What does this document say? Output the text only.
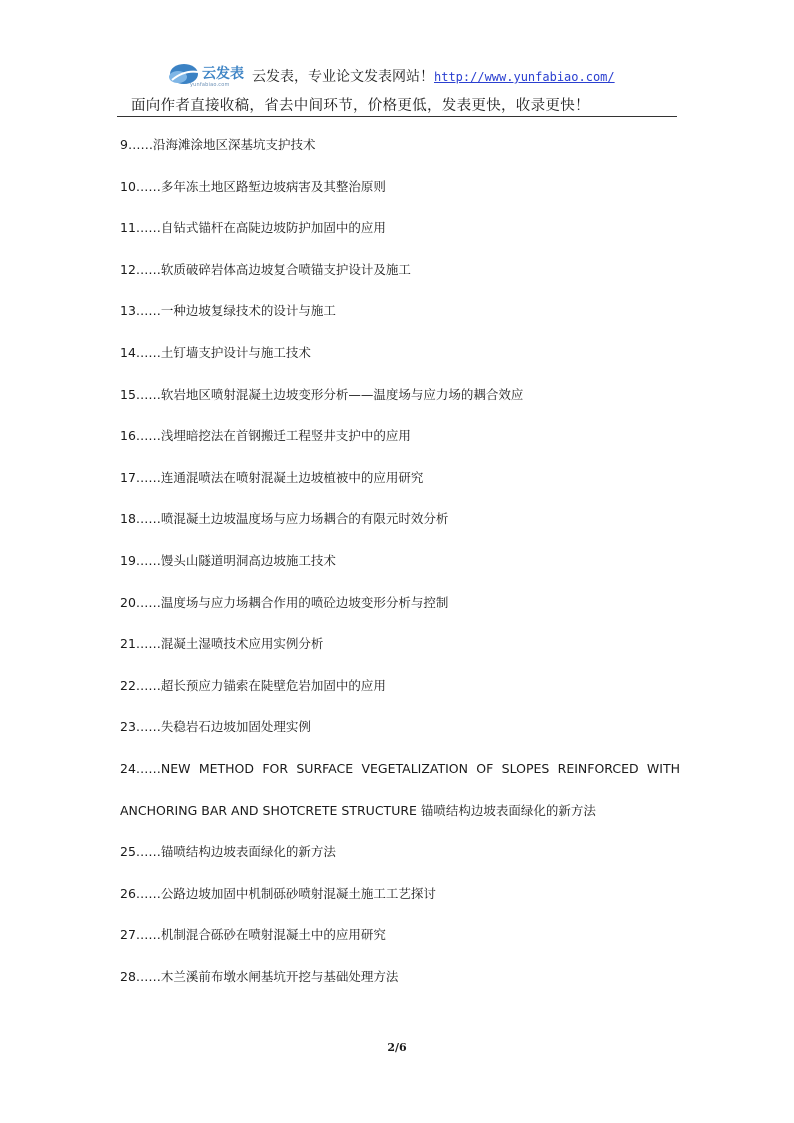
云发表
yunfabiao.com 云发表，专业论文发表网站！http://www.yunfabiao.com/
面向作者直接收稿，省去中间环节，价格更低，发表更快，收录更快！
9……沿海滩涂地区深基坑支护技术
10……多年冻土地区路堑边坡病害及其整治原则
11……自钻式锚杆在高陡边坡防护加固中的应用
12……软质破碎岩体高边坡复合喷锚支护设计及施工
13……一种边坡复绿技术的设计与施工
14……土钉墙支护设计与施工技术
15……软岩地区喷射混凝土边坡变形分析——温度场与应力场的耦合效应
16……浅埋暗挖法在首钢搬迁工程竖井支护中的应用
17……连通混喷法在喷射混凝土边坡植被中的应用研究
18……喷混凝土边坡温度场与应力场耦合的有限元时效分析
19……馒头山隧道明洞高边坡施工技术
20……温度场与应力场耦合作用的喷砼边坡变形分析与控制
21……混凝土湿喷技术应用实例分析
22……超长预应力锚索在陡壁危岩加固中的应用
23……失稳岩石边坡加固处理实例
24……NEW METHOD FOR SURFACE VEGETALIZATION OF SLOPES REINFORCED WITH ANCHORING BAR AND SHOTCRETE STRUCTURE 锚喷结构边坡表面绿化的新方法
25……锚喷结构边坡表面绿化的新方法
26……公路边坡加固中机制砾砂喷射混凝土施工工艺探讨
27……机制混合砾砂在喷射混凝土中的应用研究
28……木兰溪前布墩水闸基坑开挖与基础处理方法
2/6
